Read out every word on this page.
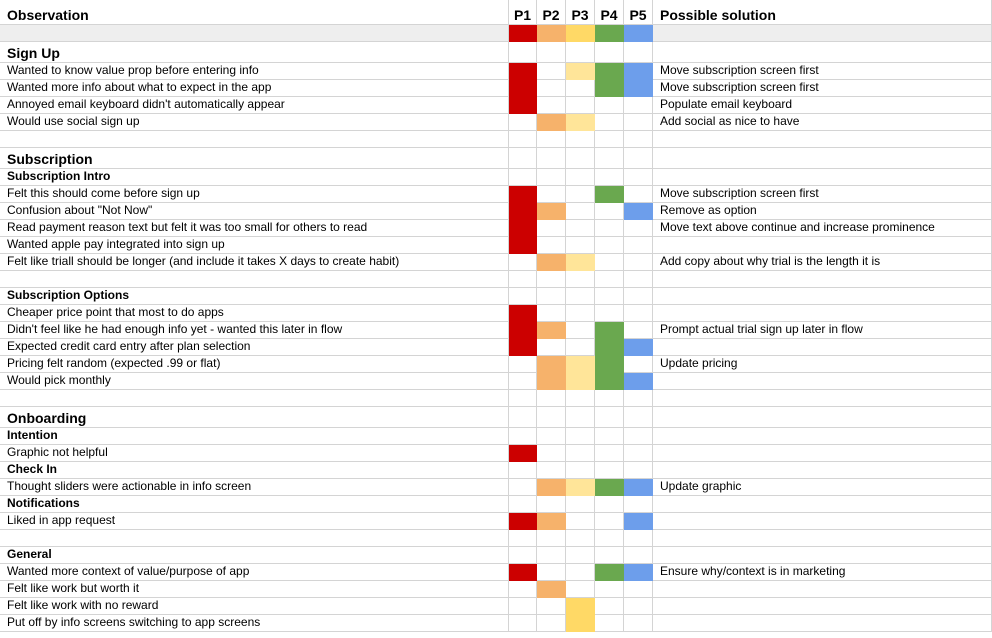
Observation	P1 P2 P3 P4 P5 Possible solution
Sign Up
Wanted to know value prop before entering info	Move subscription screen first
Wanted more info about what to expect in the app	Move subscription screen first
Annoyed email keyboard didn't automatically appear	Populate email keyboard
Would use social sign up	Add social as nice to have
Subscription
Subscription Intro
Felt this should come before sign up	Move subscription screen first
Confusion about "Not Now"	Remove as option
Read payment reason text but felt it was too small for others to read	Move text above continue and increase prominence
Wanted apple pay integrated into sign up
Felt like triall should be longer (and include it takes X days to create habit)	Add copy about why trial is the length it is
Subscription Options
Cheaper price point that most to do apps
Didn't feel like he had enough info yet - wanted this later in flow	Prompt actual trial sign up later in flow
Expected credit card entry after plan selection
Pricing felt random (expected .99 or flat)	Update pricing
Would pick monthly
Onboarding
Intention
Graphic not helpful
Check In
Thought sliders were actionable in info screen	Update graphic
Notifications
Liked in app request
General
Wanted more context of value/purpose of app	Ensure why/context is in marketing
Felt like work but worth it
Felt like work with no reward
Put off by info screens switching to app screens
